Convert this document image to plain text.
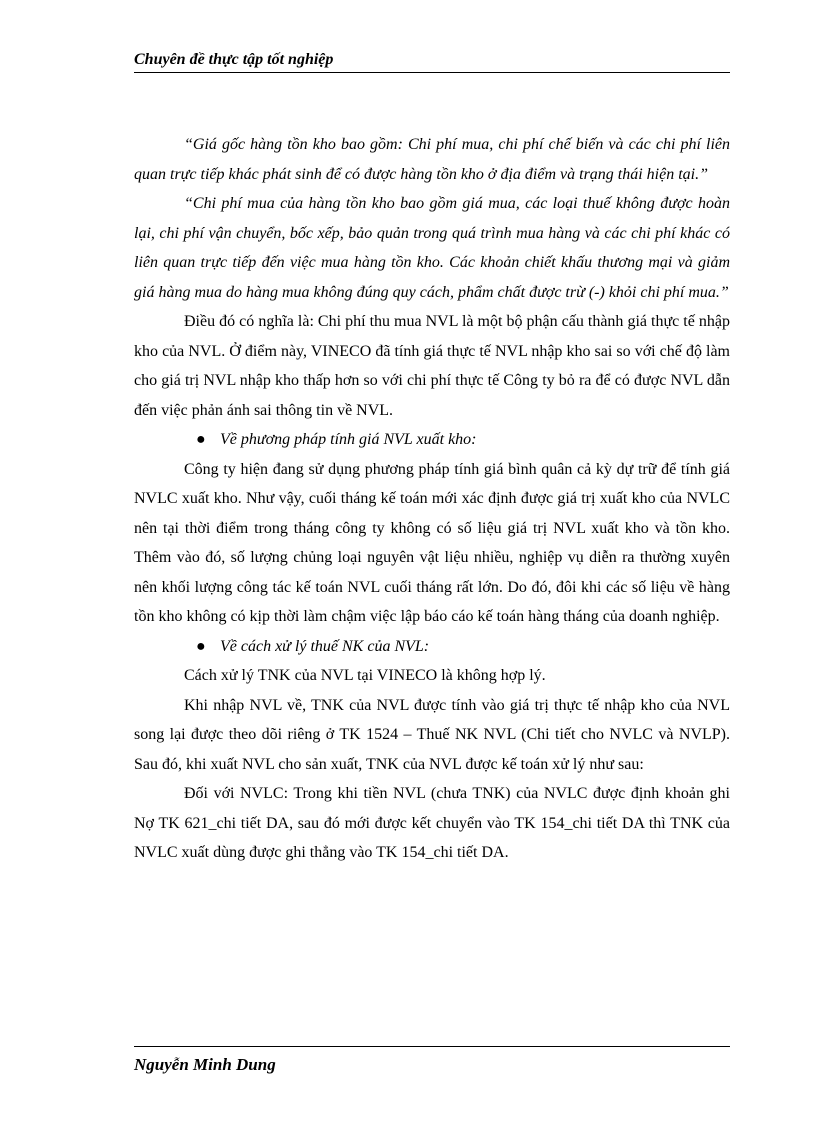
Chuyên đề thực tập tốt nghiệp

“Giá gốc hàng tồn kho bao gồm: Chi phí mua, chi phí chế biến và các chi phí liên quan trực tiếp khác phát sinh để có được hàng tồn kho ở địa điểm và trạng thái hiện tại.”

“Chi phí mua của hàng tồn kho bao gồm giá mua, các loại thuế không được hoàn lại, chi phí vận chuyển, bốc xếp, bảo quản trong quá trình mua hàng và các chi phí khác có liên quan trực tiếp đến việc mua hàng tồn kho. Các khoản chiết khấu thương mại và giảm giá hàng mua do hàng mua không đúng quy cách, phẩm chất được trừ (-) khỏi chi phí mua.”

Điều đó có nghĩa là: Chi phí thu mua NVL là một bộ phận cấu thành giá thực tế nhập kho của NVL. Ở điểm này, VINECO đã tính giá thực tế NVL nhập kho sai so với chế độ làm cho giá trị NVL nhập kho thấp hơn so với chi phí thực tế Công ty bỏ ra để có được NVL dẫn đến việc phản ánh sai thông tin về NVL.

● Về phương pháp tính giá NVL xuất kho:

Công ty hiện đang sử dụng phương pháp tính giá bình quân cả kỳ dự trữ để tính giá NVLC xuất kho. Như vậy, cuối tháng kế toán mới xác định được giá trị xuất kho của NVLC nên tại thời điểm trong tháng công ty không có số liệu giá trị NVL xuất kho và tồn kho. Thêm vào đó, số lượng chủng loại nguyên vật liệu nhiều, nghiệp vụ diễn ra thường xuyên nên khối lượng công tác kế toán NVL cuối tháng rất lớn. Do đó, đôi khi các số liệu về hàng tồn kho không có kịp thời làm chậm việc lập báo cáo kế toán hàng tháng của doanh nghiệp.

● Về cách xử lý thuế NK của NVL:

Cách xử lý TNK của NVL tại VINECO là không hợp lý.

Khi nhập NVL về, TNK của NVL được tính vào giá trị thực tế nhập kho của NVL song lại được theo dõi riêng ở TK 1524 – Thuế NK NVL (Chi tiết cho NVLC và NVLP). Sau đó, khi xuất NVL cho sản xuất, TNK của NVL được kế toán xử lý như sau:

Đối với NVLC: Trong khi tiền NVL (chưa TNK) của NVLC được định khoản ghi Nợ TK 621_chi tiết DA, sau đó mới được kết chuyển vào TK 154_chi tiết DA thì TNK của NVLC xuất dùng được ghi thẳng vào TK 154_chi tiết DA.

Nguyễn Minh Dung
